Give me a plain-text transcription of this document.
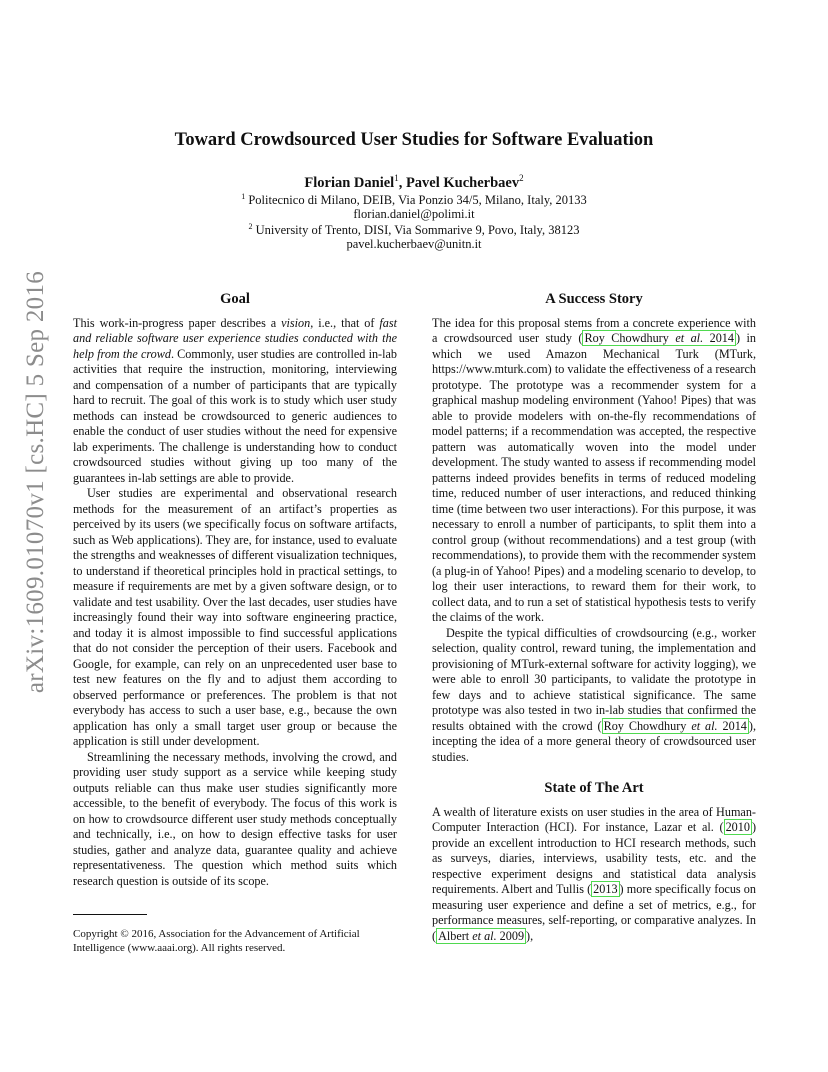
arXiv:1609.01070v1 [cs.HC] 5 Sep 2016
Toward Crowdsourced User Studies for Software Evaluation
Florian Daniel$^1$, Pavel Kucherbaev$^2$
$^1$ Politecnico di Milano, DEIB, Via Ponzio 34/5, Milano, Italy, 20133
florian.daniel@polimi.it
$^2$ University of Trento, DISI, Via Sommarive 9, Povo, Italy, 38123
pavel.kucherbaev@unitn.it
Goal

This work-in-progress paper describes a vision, i.e., that of fast and reliable software user experience studies conducted with the help from the crowd. Commonly, user studies are controlled in-lab activities that require the instruction, monitoring, interviewing and compensation of a number of participants that are typically hard to recruit. The goal of this work is to study which user study methods can instead be crowdsourced to generic audiences to enable the conduct of user studies without the need for expensive lab experiments. The challenge is understanding how to conduct crowdsourced studies without giving up too many of the guarantees in-lab settings are able to provide.

User studies are experimental and observational research methods for the measurement of an artifact’s properties as perceived by its users (we specifically focus on software artifacts, such as Web applications). They are, for instance, used to evaluate the strengths and weaknesses of different visualization techniques, to understand if theoretical principles hold in practical settings, to measure if requirements are met by a given software design, or to validate and test usability. Over the last decades, user studies have increasingly found their way into software engineering practice, and today it is almost impossible to find successful applications that do not consider the perception of their users. Facebook and Google, for example, can rely on an unprecedented user base to test new features on the fly and to adjust them according to observed performance or preferences. The problem is that not everybody has access to such a user base, e.g., because the own application has only a small target user group or because the application is still under development.

Streamlining the necessary methods, involving the crowd, and providing user study support as a service while keeping study outputs reliable can thus make user studies significantly more accessible, to the benefit of everybody. The focus of this work is on how to crowdsource different user study methods conceptually and technically, i.e., on how to design effective tasks for user studies, gather and analyze data, guarantee quality and achieve representativeness. The question which method suits which research question is outside of its scope.

Copyright © 2016, Association for the Advancement of Artificial Intelligence (www.aaai.org). All rights reserved.
A Success Story

The idea for this proposal stems from a concrete experience with a crowdsourced user study ( Roy Chowdhury et al. 2014 ) in which we used Amazon Mechanical Turk (MTurk, https://www.mturk.com) to validate the effectiveness of a research prototype. The prototype was a recommender system for a graphical mashup modeling environment (Yahoo! Pipes) that was able to provide modelers with on-the-fly recommendations of model patterns; if a recommendation was accepted, the respective pattern was automatically woven into the model under development. The study wanted to assess if recommending model patterns indeed provides benefits in terms of reduced modeling time, reduced number of user interactions, and reduced thinking time (time between two user interactions). For this purpose, it was necessary to enroll a number of participants, to split them into a control group (without recommendations) and a test group (with recommendations), to provide them with the recommender system (a plug-in of Yahoo! Pipes) and a modeling scenario to develop, to log their user interactions, to reward them for their work, to collect data, and to run a set of statistical hypothesis tests to verify the claims of the work.

Despite the typical difficulties of crowdsourcing (e.g., worker selection, quality control, reward tuning, the implementation and provisioning of MTurk-external software for activity logging), we were able to enroll 30 participants, to validate the prototype in few days and to achieve statistical significance. The same prototype was also tested in two in-lab studies that confirmed the results obtained with the crowd ( Roy Chowdhury et al. 2014 ), incepting the idea of a more general theory of crowdsourced user studies.

State of The Art

A wealth of literature exists on user studies in the area of Human-Computer Interaction (HCI). For instance, Lazar et al. ( 2010 ) provide an excellent introduction to HCI research methods, such as surveys, diaries, interviews, usability tests, etc. and the respective experiment designs and statistical data analysis requirements. Albert and Tullis ( 2013 ) more specifically focus on measuring user experience and define a set of metrics, e.g., for performance measures, self-reporting, or comparative analyzes. In ( Albert et al. 2009 ),
